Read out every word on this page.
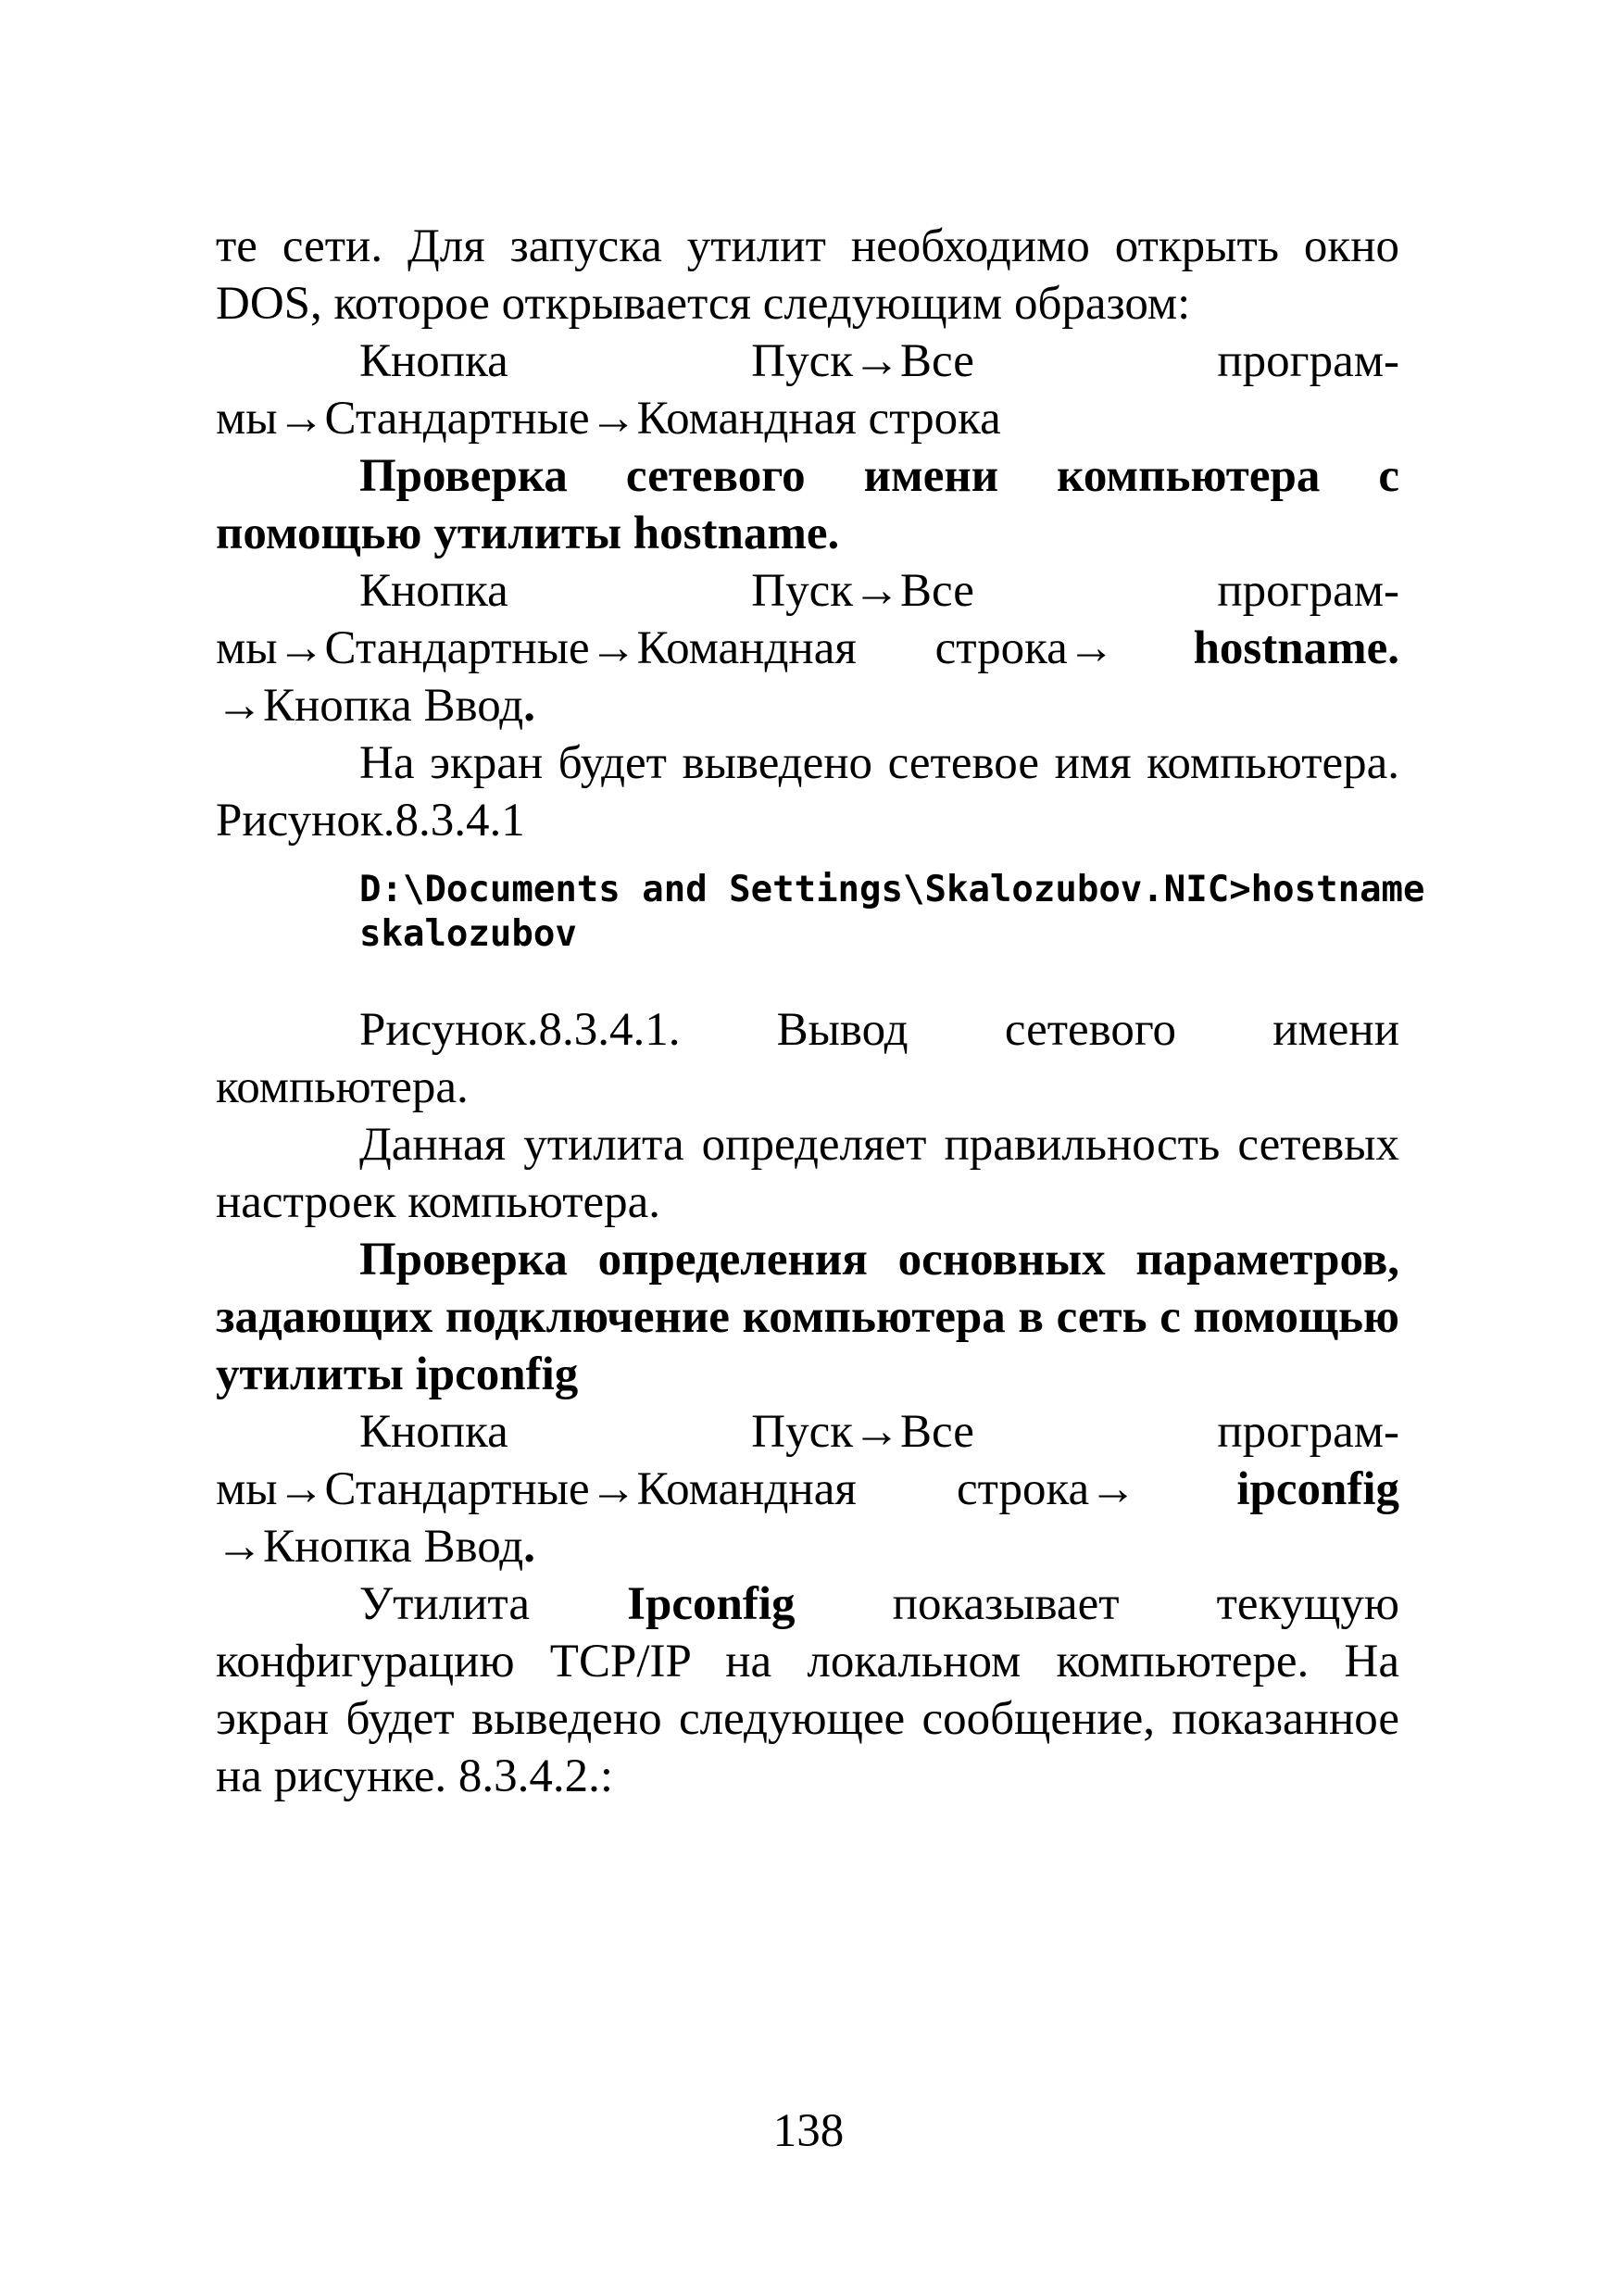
те сети. Для запуска утилит необходимо открыть окно DOS, которое открывается следующим образом:

Кнопка Пуск→Все програм-

мы→Стандартные→Командная строка

Проверка сетевого имени компьютера с помощью утилиты hostname.

Кнопка Пуск→Все програм-

мы→Стандартные→Командная строка→ hostname.

→Кнопка Ввод.

На экран будет выведено сетевое имя компьютера. Рисунок.8.3.4.1

D:\Documents and Settings\Skalozubov.NIC>hostname
skalozubov

Рисунок.8.3.4.1. Вывод сетевого имени компьютера.

Данная утилита определяет правильность сетевых настроек компьютера.

Проверка определения основных параметров, задающих подключение компьютера в сеть с помощью утилиты ipconfig

Кнопка Пуск→Все програм-

мы→Стандартные→Командная строка→ ipconfig

→Кнопка Ввод.

Утилита Ipconfig показывает текущую конфигурацию TCP/IP на локальном компьютере. На экран будет выведено следующее сообщение, показанное на рисунке. 8.3.4.2.:

138
